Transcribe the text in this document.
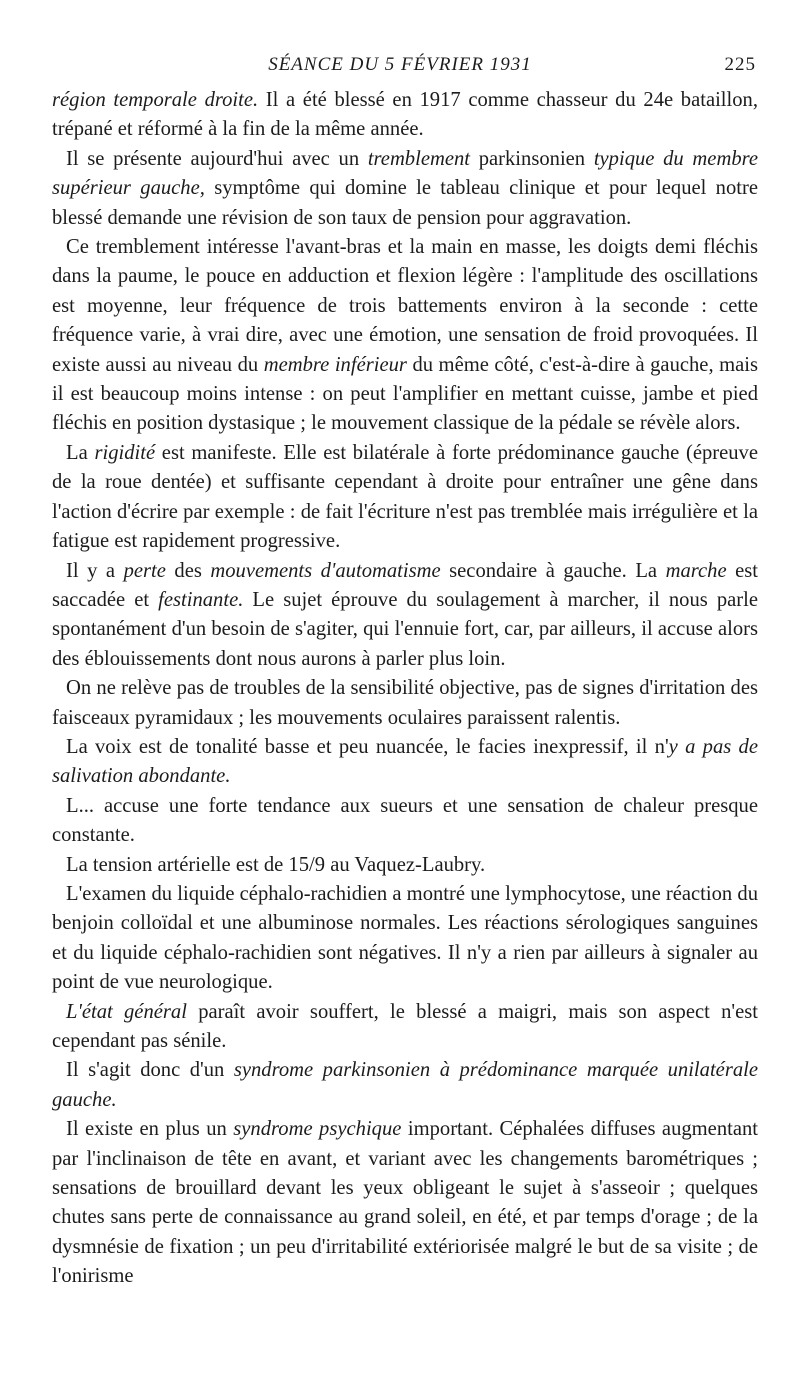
SÉANCE DU 5 FÉVRIER 1931	225

région temporale droite. Il a été blessé en 1917 comme chasseur du 24e bataillon, trépané et réformé à la fin de la même année.

Il se présente aujourd'hui avec un tremblement parkinsonien typique du membre supérieur gauche, symptôme qui domine le tableau clinique et pour lequel notre blessé demande une révision de son taux de pension pour aggravation.

Ce tremblement intéresse l'avant-bras et la main en masse, les doigts demi fléchis dans la paume, le pouce en adduction et flexion légère : l'amplitude des oscillations est moyenne, leur fréquence de trois battements environ à la seconde : cette fréquence varie, à vrai dire, avec une émotion, une sensation de froid provoquées. Il existe aussi au niveau du membre inférieur du même côté, c'est-à-dire à gauche, mais il est beaucoup moins intense : on peut l'amplifier en mettant cuisse, jambe et pied fléchis en position dystasique ; le mouvement classique de la pédale se révèle alors.

La rigidité est manifeste. Elle est bilatérale à forte prédominance gauche (épreuve de la roue dentée) et suffisante cependant à droite pour entraîner une gêne dans l'action d'écrire par exemple : de fait l'écriture n'est pas tremblée mais irrégulière et la fatigue est rapidement progressive.

Il y a perte des mouvements d'automatisme secondaire à gauche. La marche est saccadée et festinante. Le sujet éprouve du soulagement à marcher, il nous parle spontanément d'un besoin de s'agiter, qui l'ennuie fort, car, par ailleurs, il accuse alors des éblouissements dont nous aurons à parler plus loin.

On ne relève pas de troubles de la sensibilité objective, pas de signes d'irritation des faisceaux pyramidaux ; les mouvements oculaires paraissent ralentis.

La voix est de tonalité basse et peu nuancée, le facies inexpressif, il n'y a pas de salivation abondante.

L... accuse une forte tendance aux sueurs et une sensation de chaleur presque constante.

La tension artérielle est de 15/9 au Vaquez-Laubry.

L'examen du liquide céphalo-rachidien a montré une lymphocytose, une réaction du benjoin colloïdal et une albuminose normales. Les réactions sérologiques sanguines et du liquide céphalo-rachidien sont négatives. Il n'y a rien par ailleurs à signaler au point de vue neurologique.

L'état général paraît avoir souffert, le blessé a maigri, mais son aspect n'est cependant pas sénile.

Il s'agit donc d'un syndrome parkinsonien à prédominance marquée unilatérale gauche.

Il existe en plus un syndrome psychique important. Céphalées diffuses augmentant par l'inclinaison de tête en avant, et variant avec les changements barométriques ; sensations de brouillard devant les yeux obligeant le sujet à s'asseoir ; quelques chutes sans perte de connaissance au grand soleil, en été, et par temps d'orage ; de la dysmnésie de fixation ; un peu d'irritabilité extériorisée malgré le but de sa visite ; de l'onirisme
